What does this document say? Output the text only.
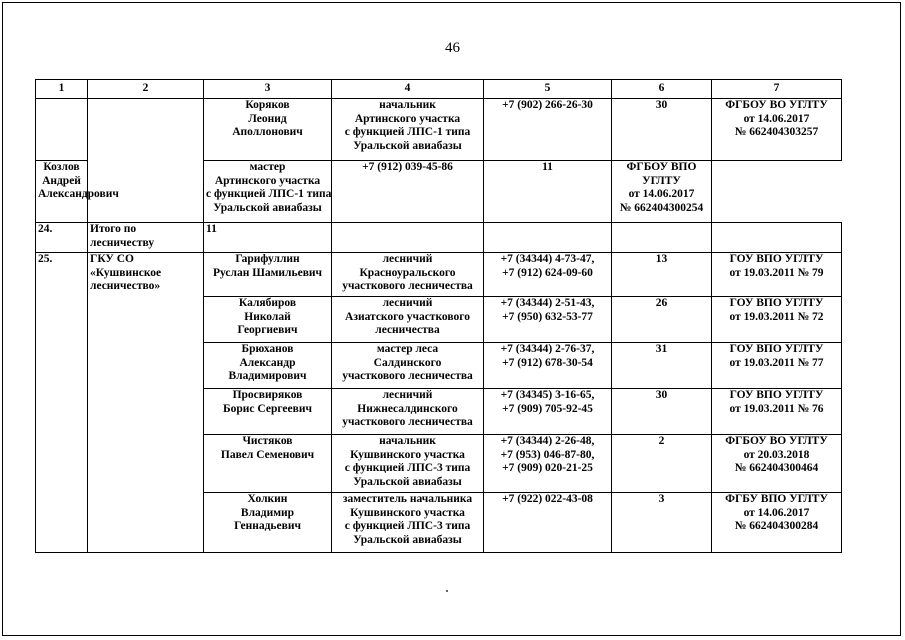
46
1	2	3	4	5	6	7

		Коряков
Леонид
Аполлонович	начальник
Артинского участка
с функцией ЛПС-1 типа
Уральской авиабазы	+7 (902) 266-26-30	30	ФГБОУ ВО УГЛТУ
от 14.06.2017
№ 662404303257

Козлов
Андрей
Александрович		мастер
Артинского участка
с функцией ЛПС-1 типа
Уральской авиабазы	+7 (912) 039-45-86	11	ФГБОУ ВПО
УГЛТУ
от 14.06.2017
№ 662404300254	

24.	Итого по
лесничеству	11				

25.	ГКУ СО
«Кушвинское
лесничество»	Гарифуллин
Руслан Шамильевич	лесничий
Красноуральского
участкового лесничества	+7 (34344) 4-73-47,
+7 (912) 624-09-60	13	ГОУ ВПО УГЛТУ
от 19.03.2011 № 79

		Калябиров
Николай
Георгиевич	лесничий
Азиатского участкового
лесничества	+7 (34344) 2-51-43,
+7 (950) 632-53-77	26	ГОУ ВПО УГЛТУ
от 19.03.2011 № 72

		Брюханов
Александр
Владимирович	мастер леса
Салдинского
участкового лесничества	+7 (34344) 2-76-37,
+7 (912) 678-30-54	31	ГОУ ВПО УГЛТУ
от 19.03.2011 № 77

		Просвиряков
Борис Сергеевич	лесничий
Нижнесалдинского
участкового лесничества	+7 (34345) 3-16-65,
+7 (909) 705-92-45	30	ГОУ ВПО УГЛТУ
от 19.03.2011 № 76

		Чистяков
Павел Семенович	начальник
Кушвинского участка
с функцией ЛПС-3 типа
Уральской авиабазы	+7 (34344) 2-26-48,
+7 (953) 046-87-80,
+7 (909) 020-21-25	2	ФГБОУ ВО УГЛТУ
от 20.03.2018
№ 662404300464

		Холкин
Владимир
Геннадьевич	заместитель начальника
Кушвинского участка
с функцией ЛПС-3 типа
Уральской авиабазы	+7 (922) 022-43-08	3	ФГБУ ВПО УГЛТУ
от 14.06.2017
№ 662404300284
